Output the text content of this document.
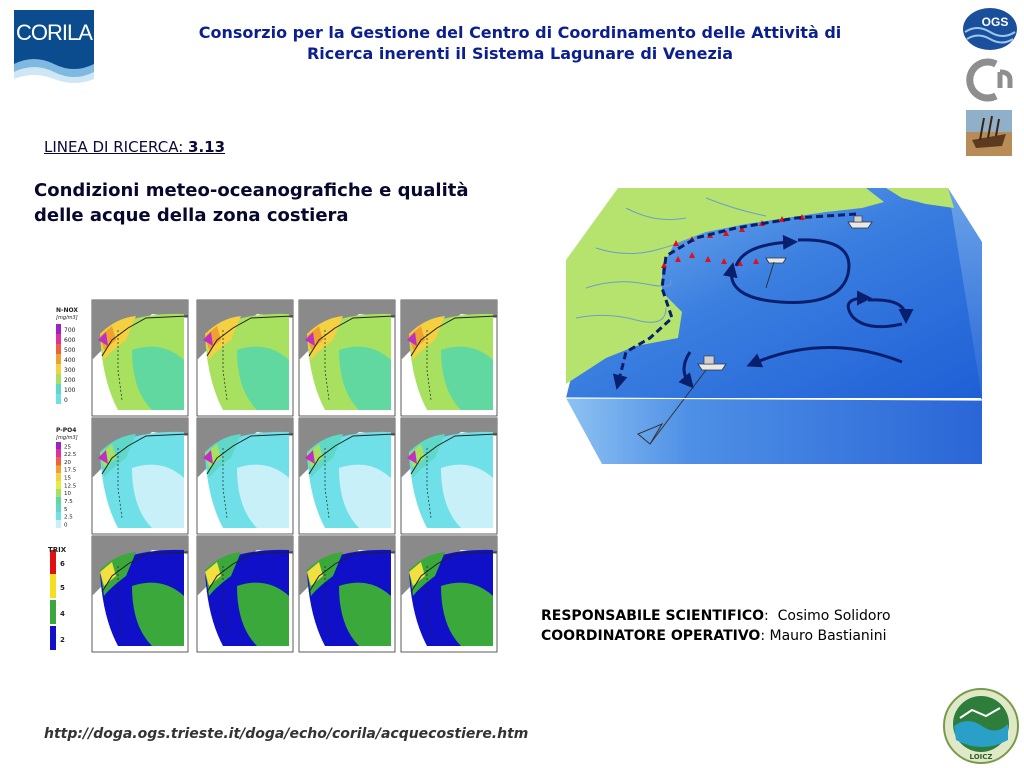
CORILA	Consorzio per la Gestione del Centro di Coordinamento delle Attività di
Ricerca inerenti il Sistema Lagunare di Venezia
OGS
LINEA DI RICERCA: 3.13
Condizioni meteo-oceanografiche e qualità
delle acque della zona costiera
700
600
500
400
300
200
100
0
25
22.5
20
17.5
15
12.5
10
7.5
5
2.5
0
6
5
4
2
N-NOX
[mg/m3]
P-PO4
[mg/m3]
TRIX
RESPONSABILE SCIENTIFICO:  Cosimo Solidoro
COORDINATORE OPERATIVO: Mauro Bastianini
http://doga.ogs.trieste.it/doga/echo/corila/acquecostiere.htm
LOICZ
